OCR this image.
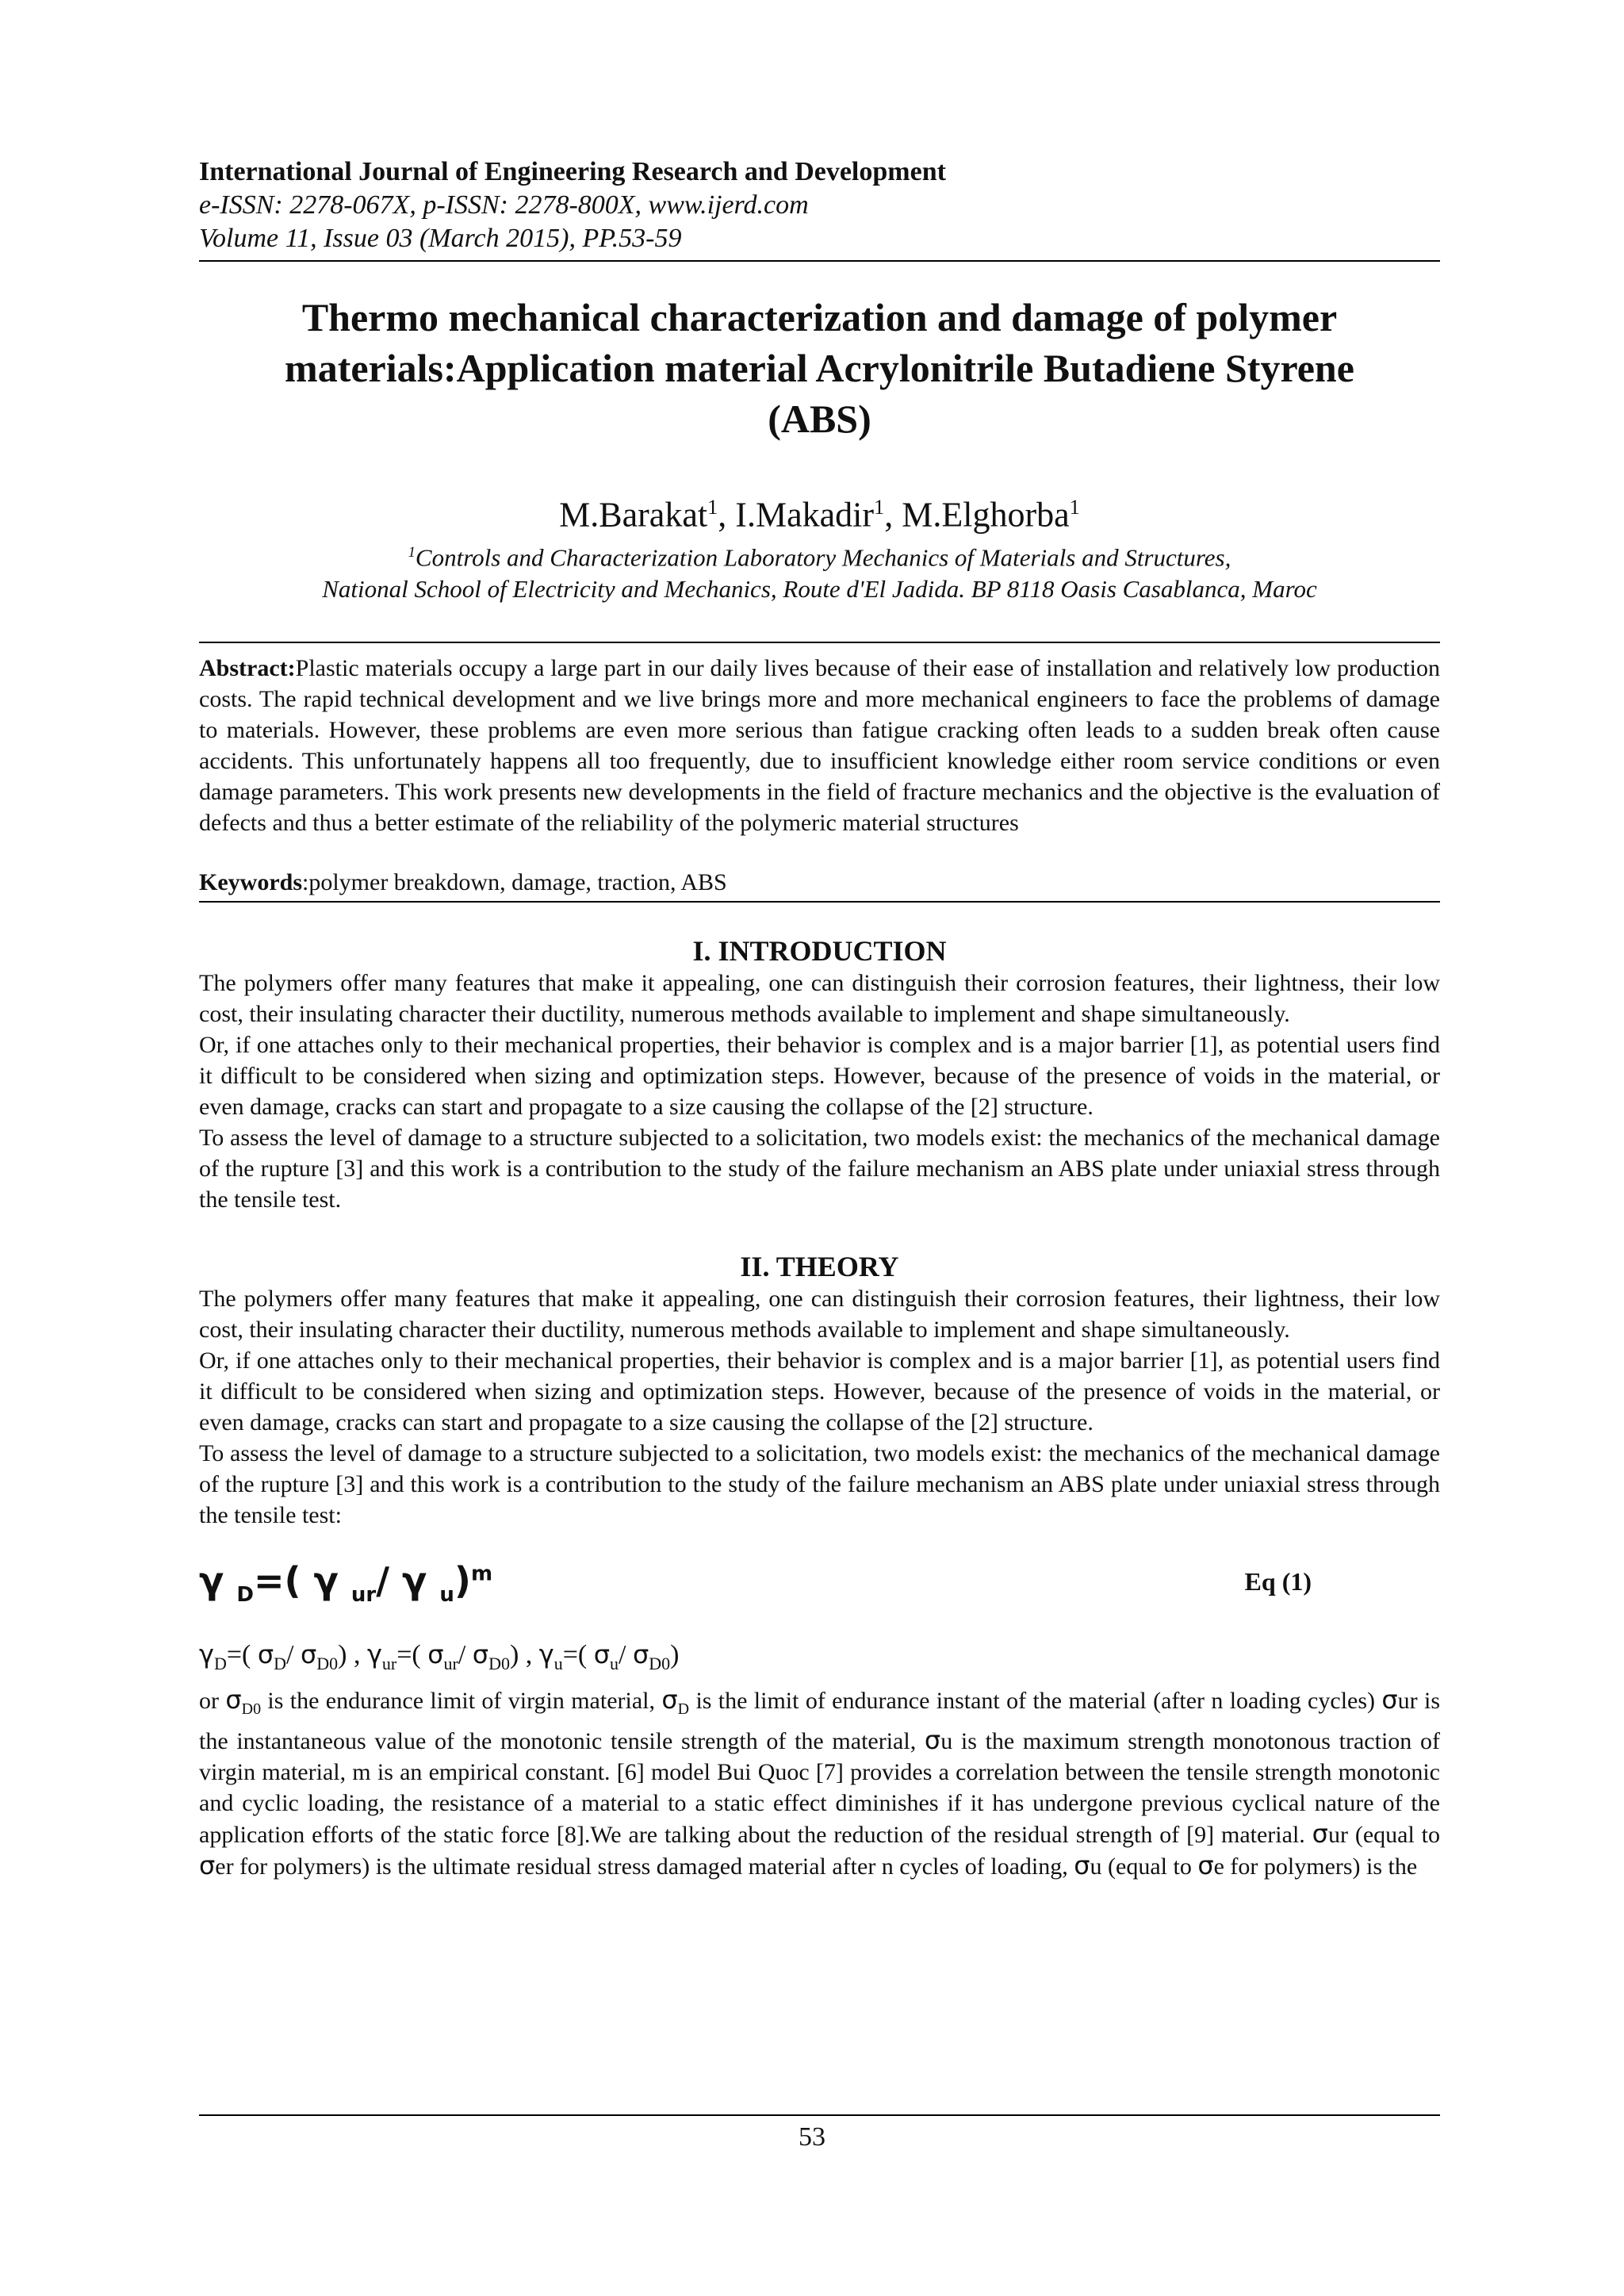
International Journal of Engineering Research and Development
e-ISSN: 2278-067X, p-ISSN: 2278-800X, www.ijerd.com
Volume 11, Issue 03 (March 2015), PP.53-59
Thermo mechanical characterization and damage of polymer materials:Application material Acrylonitrile Butadiene Styrene (ABS)
M.Barakat$^1$, I.Makadir$^1$, M.Elghorba$^1$
$^1$Controls and Characterization Laboratory Mechanics of Materials and Structures,
National School of Electricity and Mechanics, Route d'El Jadida. BP 8118 Oasis Casablanca, Maroc
Abstract:Plastic materials occupy a large part in our daily lives because of their ease of installation and relatively low production costs. The rapid technical development and we live brings more and more mechanical engineers to face the problems of damage to materials. However, these problems are even more serious than fatigue cracking often leads to a sudden break often cause accidents. This unfortunately happens all too frequently, due to insufficient knowledge either room service conditions or even damage parameters. This work presents new developments in the field of fracture mechanics and the objective is the evaluation of defects and thus a better estimate of the reliability of the polymeric material structures
Keywords:polymer breakdown, damage, traction, ABS
I. INTRODUCTION
The polymers offer many features that make it appealing, one can distinguish their corrosion features, their lightness, their low cost, their insulating character their ductility, numerous methods available to implement and shape simultaneously.
Or, if one attaches only to their mechanical properties, their behavior is complex and is a major barrier [1], as potential users find it difficult to be considered when sizing and optimization steps. However, because of the presence of voids in the material, or even damage, cracks can start and propagate to a size causing the collapse of the [2] structure.
To assess the level of damage to a structure subjected to a solicitation, two models exist: the mechanics of the mechanical damage of the rupture [3] and this work is a contribution to the study of the failure mechanism an ABS plate under uniaxial stress through the tensile test.
II. THEORY
The polymers offer many features that make it appealing, one can distinguish their corrosion features, their lightness, their low cost, their insulating character their ductility, numerous methods available to implement and shape simultaneously.
Or, if one attaches only to their mechanical properties, their behavior is complex and is a major barrier [1], as potential users find it difficult to be considered when sizing and optimization steps. However, because of the presence of voids in the material, or even damage, cracks can start and propagate to a size causing the collapse of the [2] structure.
To assess the level of damage to a structure subjected to a solicitation, two models exist: the mechanics of the mechanical damage of the rupture [3] and this work is a contribution to the study of the failure mechanism an ABS plate under uniaxial stress through the tensile test:
γ $_D$=( γ $_{ur}$/ γ $_u$)$^m$	Eq (1)
$\gamma_D=$( $\sigma_D/$ $\sigma_{D0}$) , $\gamma_{ur}=$( $\sigma_{ur}/$ $\sigma_{D0}$) , $\gamma_u=$( $\sigma_u/$ $\sigma_{D0}$)
or $\sigma_{D0}$ is the endurance limit of virgin material, $\sigma_D$ is the limit of endurance instant of the material (after n loading cycles) σur is the instantaneous value of the monotonic tensile strength of the material, σu is the maximum strength monotonous traction of virgin material, m is an empirical constant. [6] model Bui Quoc [7] provides a correlation between the tensile strength monotonic and cyclic loading, the resistance of a material to a static effect diminishes if it has undergone previous cyclical nature of the application efforts of the static force [8].We are talking about the reduction of the residual strength of [9] material. σur (equal to σer for polymers) is the ultimate residual stress damaged material after n cycles of loading, σu (equal to σe for polymers) is the
53
